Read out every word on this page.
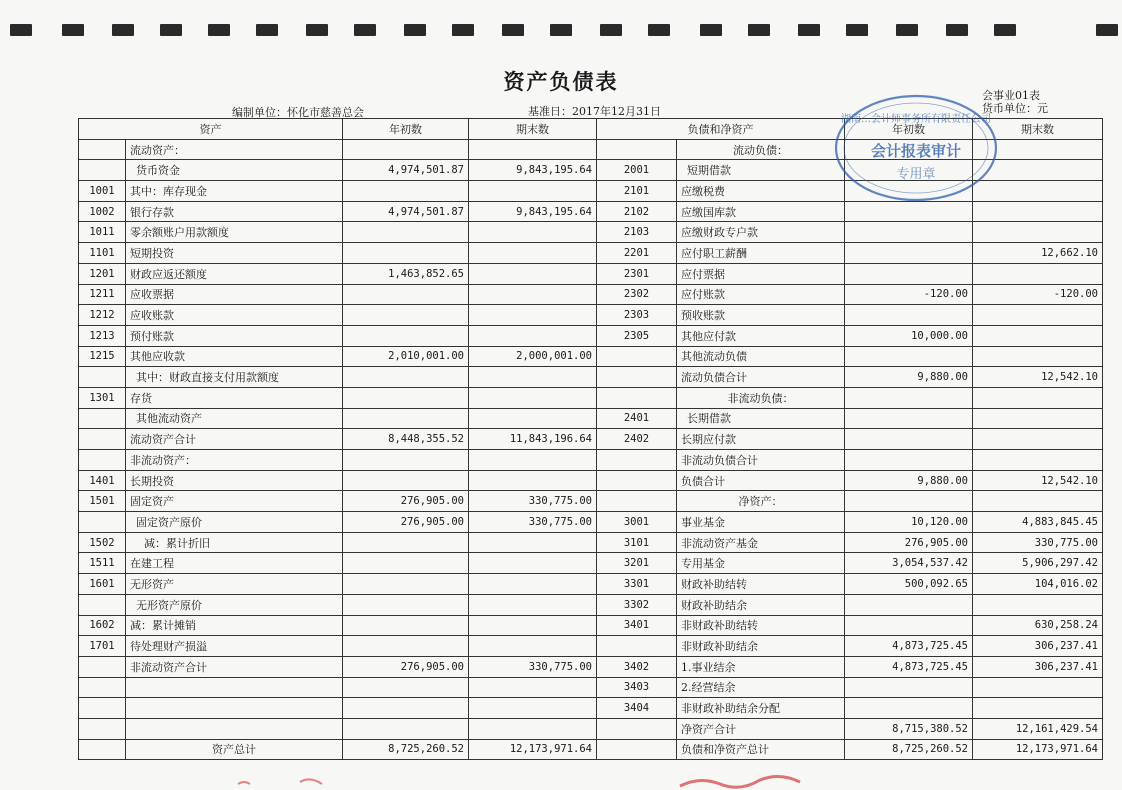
资产负债表
会事业01表
货币单位：元
编制单位：怀化市慈善总会	基准日：2017年12月31日
资产		年初数	期末数	负债和净资产		年初数	期末数
	流动资产：				流动负债：		
	货币资金	4,974,501.87	9,843,195.64	2001	短期借款		
1001	其中：库存现金			2101	应缴税费		
1002	银行存款	4,974,501.87	9,843,195.64	2102	应缴国库款		
1011	零余额账户用款额度			2103	应缴财政专户款		
1101	短期投资			2201	应付职工薪酬		12,662.10
1201	财政应返还额度	1,463,852.65		2301	应付票据		
1211	应收票据			2302	应付账款	-120.00	-120.00
1212	应收账款			2303	预收账款		
1213	预付账款			2305	其他应付款	10,000.00	
1215	其他应收款	2,010,001.00	2,000,001.00		其他流动负债		
	其中：财政直接支付用款额度				流动负债合计	9,880.00	12,542.10
1301	存货				非流动负债：		
	其他流动资产			2401	长期借款		
	流动资产合计	8,448,355.52	11,843,196.64	2402	长期应付款		
	非流动资产：				非流动负债合计		
1401	长期投资				负债合计	9,880.00	12,542.10
1501	固定资产	276,905.00	330,775.00		净资产：		
	固定资产原价	276,905.00	330,775.00	3001	事业基金	10,120.00	4,883,845.45
1502	减：累计折旧			3101	非流动资产基金	276,905.00	330,775.00
1511	在建工程			3201	专用基金	3,054,537.42	5,906,297.42
1601	无形资产			3301	财政补助结转	500,092.65	104,016.02
	无形资产原价			3302	财政补助结余		
1602	减：累计摊销			3401	非财政补助结转		630,258.24
1701	待处理财产损溢				非财政补助结余	4,873,725.45	306,237.41
	非流动资产合计	276,905.00	330,775.00	3402	1.事业结余	4,873,725.45	306,237.41
				3403	2.经营结余		
				3404	非财政补助结余分配		
					净资产合计	8,715,380.52	12,161,429.54
	资产总计	8,725,260.52	12,173,971.64		负债和净资产总计	8,725,260.52	12,173,971.64
湖南…会计师事务所有限责任公司
会计报表审计
专用章
